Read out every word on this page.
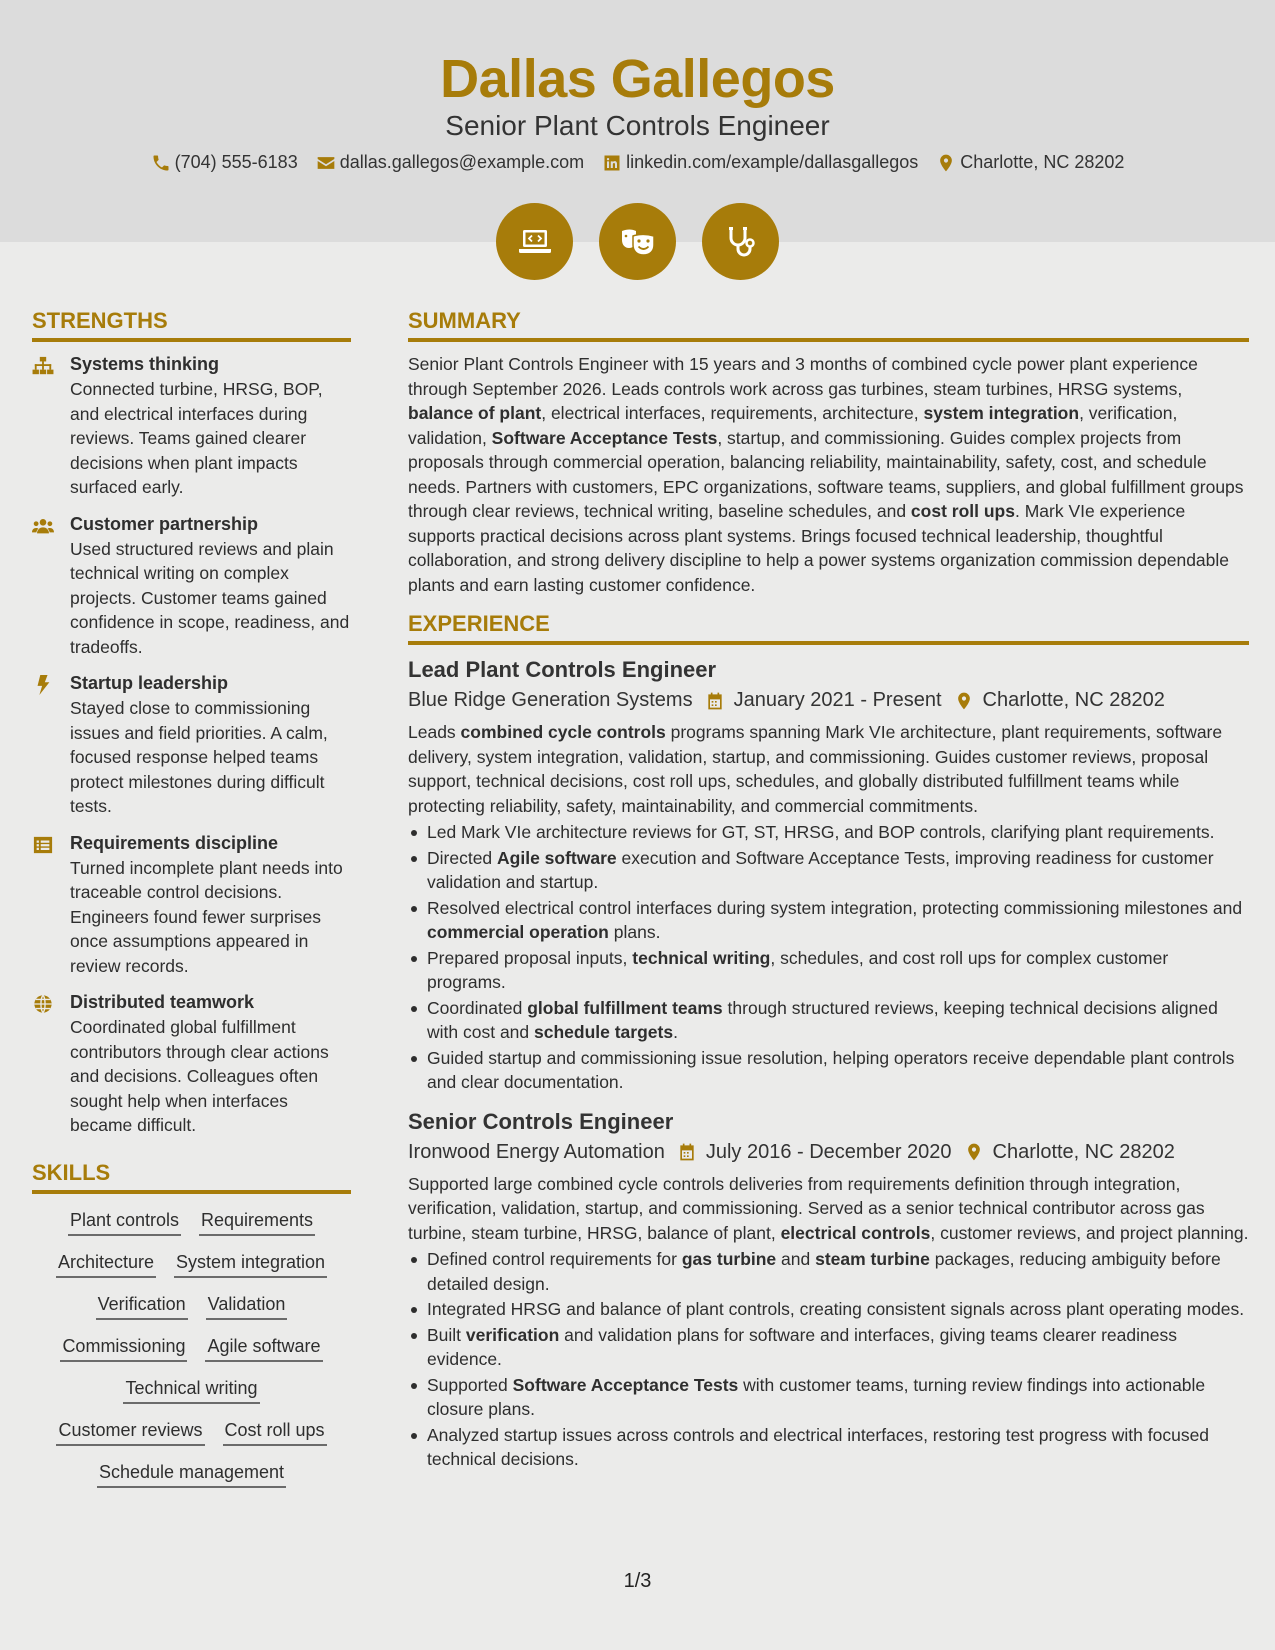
Dallas Gallegos
Senior Plant Controls Engineer
(704) 555-6183 dallas.gallegos@example.com linkedin.com/example/dallasgallegos Charlotte, NC 28202
STRENGTHS
Systems thinking
Connected turbine, HRSG, BOP, and electrical interfaces during reviews. Teams gained clearer decisions when plant impacts surfaced early.
Customer partnership
Used structured reviews and plain technical writing on complex projects. Customer teams gained confidence in scope, readiness, and tradeoffs.
Startup leadership
Stayed close to commissioning issues and field priorities. A calm, focused response helped teams protect milestones during difficult tests.
Requirements discipline
Turned incomplete plant needs into traceable control decisions. Engineers found fewer surprises once assumptions appeared in review records.
Distributed teamwork
Coordinated global fulfillment contributors through clear actions and decisions. Colleagues often sought help when interfaces became difficult.
SKILLS
Plant controls Requirements
Architecture System integration
Verification Validation
Commissioning Agile software
Technical writing
Customer reviews Cost roll ups
Schedule management
SUMMARY
Senior Plant Controls Engineer with 15 years and 3 months of combined cycle power plant experience through September 2026. Leads controls work across gas turbines, steam turbines, HRSG systems, balance of plant, electrical interfaces, requirements, architecture, system integration, verification, validation, Software Acceptance Tests, startup, and commissioning. Guides complex projects from proposals through commercial operation, balancing reliability, maintainability, safety, cost, and schedule needs. Partners with customers, EPC organizations, software teams, suppliers, and global fulfillment groups through clear reviews, technical writing, baseline schedules, and cost roll ups. Mark VIe experience supports practical decisions across plant systems. Brings focused technical leadership, thoughtful collaboration, and strong delivery discipline to help a power systems organization commission dependable plants and earn lasting customer confidence.
EXPERIENCE
Lead Plant Controls Engineer
Blue Ridge Generation Systems January 2021 - Present Charlotte, NC 28202
Leads combined cycle controls programs spanning Mark VIe architecture, plant requirements, software delivery, system integration, validation, startup, and commissioning. Guides customer reviews, proposal support, technical decisions, cost roll ups, schedules, and globally distributed fulfillment teams while protecting reliability, safety, maintainability, and commercial commitments.
Led Mark VIe architecture reviews for GT, ST, HRSG, and BOP controls, clarifying plant requirements.
Directed Agile software execution and Software Acceptance Tests, improving readiness for customer validation and startup.
Resolved electrical control interfaces during system integration, protecting commissioning milestones and commercial operation plans.
Prepared proposal inputs, technical writing, schedules, and cost roll ups for complex customer programs.
Coordinated global fulfillment teams through structured reviews, keeping technical decisions aligned with cost and schedule targets.
Guided startup and commissioning issue resolution, helping operators receive dependable plant controls and clear documentation.
Senior Controls Engineer
Ironwood Energy Automation July 2016 - December 2020 Charlotte, NC 28202
Supported large combined cycle controls deliveries from requirements definition through integration, verification, validation, startup, and commissioning. Served as a senior technical contributor across gas turbine, steam turbine, HRSG, balance of plant, electrical controls, customer reviews, and project planning.
Defined control requirements for gas turbine and steam turbine packages, reducing ambiguity before detailed design.
Integrated HRSG and balance of plant controls, creating consistent signals across plant operating modes.
Built verification and validation plans for software and interfaces, giving teams clearer readiness evidence.
Supported Software Acceptance Tests with customer teams, turning review findings into actionable closure plans.
Analyzed startup issues across controls and electrical interfaces, restoring test progress with focused technical decisions.
1/3
